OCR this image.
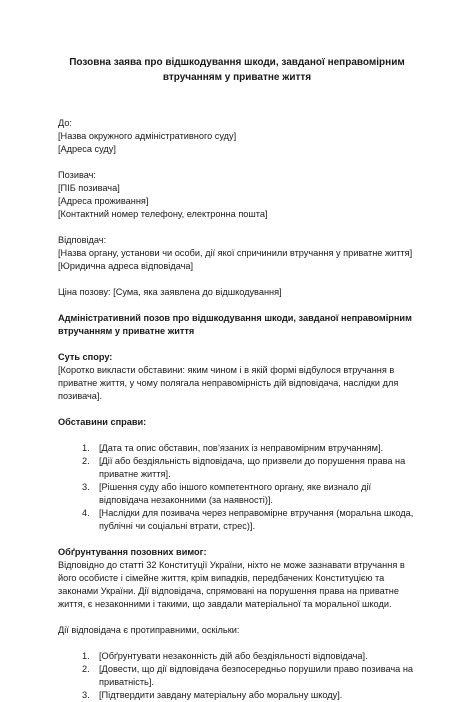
Позовна заява про відшкодування шкоди, завданої неправомірним втручанням у приватне життя
До:
[Назва окружного адміністративного суду]
[Адреса суду]
Позивач:
[ПІБ позивача]
[Адреса проживання]
[Контактний номер телефону, електронна пошта]
Відповідач:
[Назва органу, установи чи особи, дії якої спричинили втручання у приватне життя]
[Юридична адреса відповідача]
Ціна позову: [Сума, яка заявлена до відшкодування]
Адміністративний позов про відшкодування шкоди, завданої неправомірним втручанням у приватне життя
Суть спору:
[Коротко викласти обставини: яким чином і в якій формі відбулося втручання в приватне життя, у чому полягала неправомірність дій відповідача, наслідки для позивача].
Обставини справи:
1. [Дата та опис обставин, пов’язаних із неправомірним втручанням].
2. [Дії або бездіяльність відповідача, що призвели до порушення права на приватне життя].
3. [Рішення суду або іншого компетентного органу, яке визнало дії відповідача незаконними (за наявності)].
4. [Наслідки для позивача через неправомірне втручання (моральна шкода, публічні чи соціальні втрати, стрес)].
Обґрунтування позовних вимог:
Відповідно до статті 32 Конституції України, ніхто не може зазнавати втручання в його особисте і сімейне життя, крім випадків, передбачених Конституцією та законами України. Дії відповідача, спрямовані на порушення права на приватне життя, є незаконними і такими, що завдали матеріальної та моральної шкоди.
Дії відповідача є протиправними, оскільки:
1. [Обґрунтувати незаконність дій або бездіяльності відповідача].
2. [Довести, що дії відповідача безпосередньо порушили право позивача на приватність].
3. [Підтвердити завдану матеріальну або моральну шкоду].
